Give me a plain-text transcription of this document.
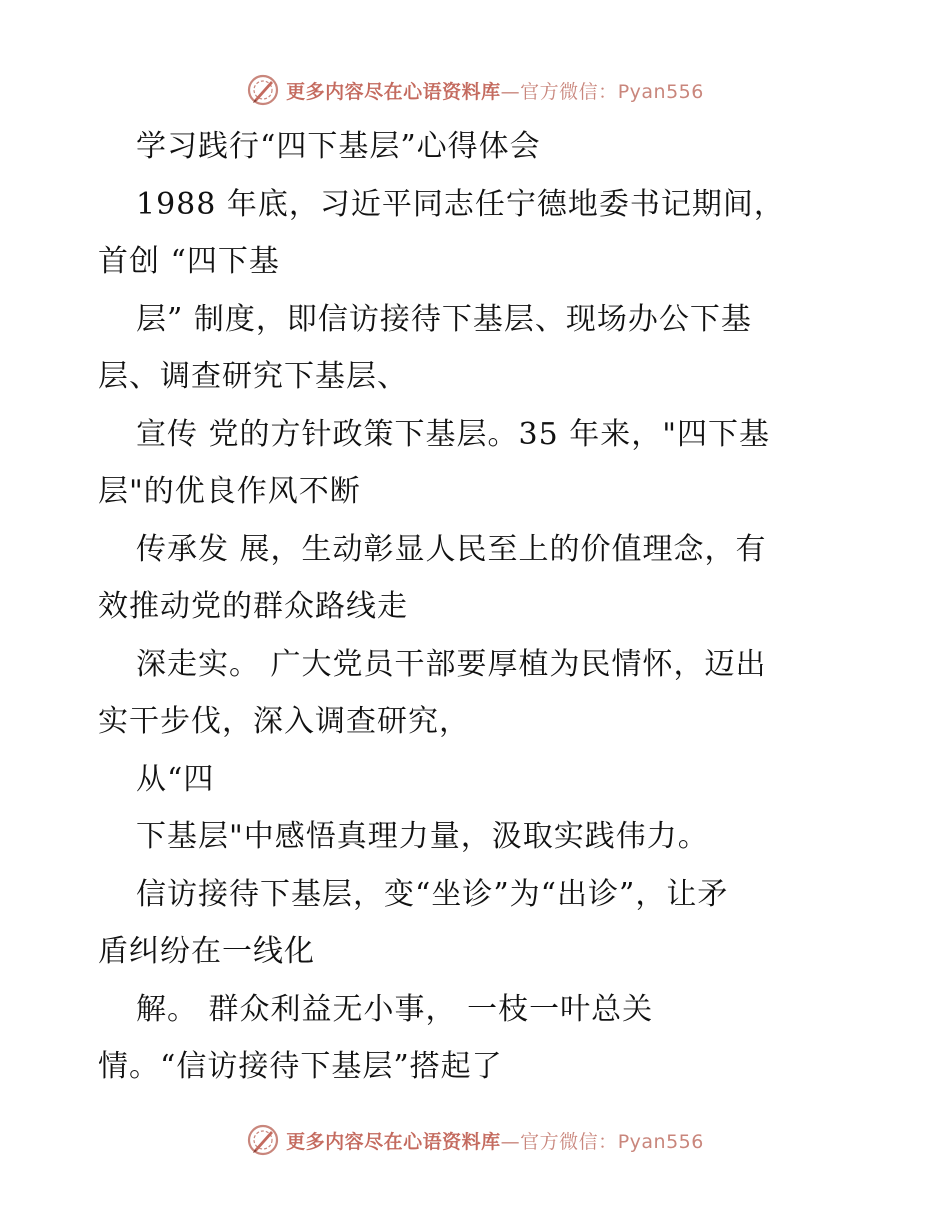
更多内容尽在心语资料库—官方微信：Pyan556
学习践行“四下基层”心得体会
1988 年底，习近平同志任宁德地委书记期间，
首创 “四下基
层” 制度，即信访接待下基层、现场办公下基
层、调查研究下基层、
宣传 党的方针政策下基层。35 年来，"四下基
层"的优良作风不断
传承发 展，生动彰显人民至上的价值理念，有
效推动党的群众路线走
深走实。 广大党员干部要厚植为民情怀，迈出
实干步伐，深入调查研究，
从“四
下基层"中感悟真理力量，汲取实践伟力。
信访接待下基层，变“坐诊”为“出诊”，让矛
盾纠纷在一线化
解。 群众利益无小事， 一枝一叶总关
情。“信访接待下基层”搭起了
更多内容尽在心语资料库—官方微信：Pyan556
